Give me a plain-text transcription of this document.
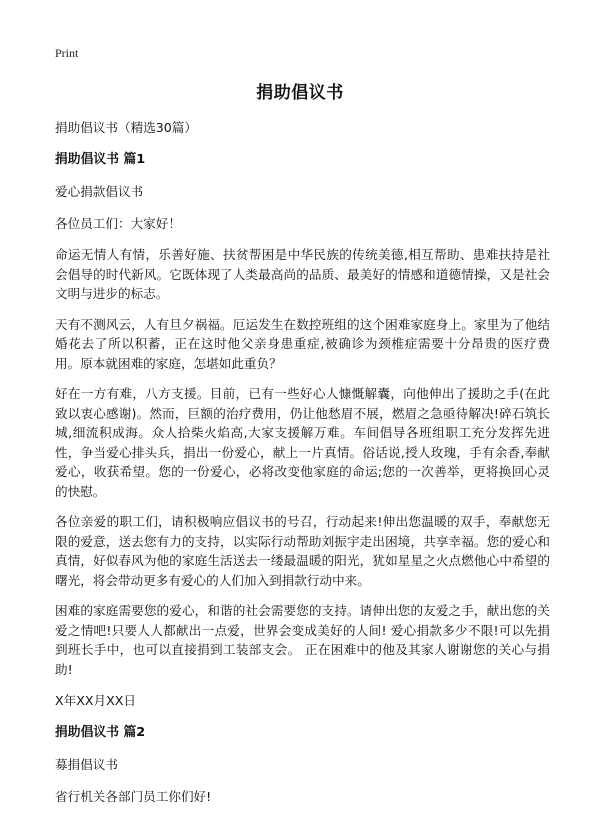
Print
捐助倡议书
捐助倡议书（精选30篇）
捐助倡议书 篇1
爱心捐款倡议书
各位员工们：大家好！
命运无情人有情，乐善好施、扶贫帮困是中华民族的传统美德,相互帮助、患难扶持是社会倡导的时代新风。它既体现了人类最高尚的品质、最美好的情感和道德情操，又是社会文明与进步的标志。
天有不测风云，人有旦夕祸福。厄运发生在数控班组的这个困难家庭身上。家里为了他结婚花去了所以积蓄，正在这时他父亲身患重症,被确诊为颈椎症需要十分昂贵的医疗费用。原本就困难的家庭，怎堪如此重负？
好在一方有难，八方支援。目前，已有一些好心人慷慨解囊，向他伸出了援助之手(在此致以衷心感谢)。然而，巨额的治疗费用，仍让他愁眉不展，燃眉之急亟待解决!碎石筑长城,细流积成海。众人拾柴火焰高,大家支援解万难。车间倡导各班组职工充分发挥先进性，争当爱心排头兵，捐出一份爱心，献上一片真情。俗话说,授人玫瑰，手有余香,奉献爱心，收获希望。您的一份爱心，必将改变他家庭的命运;您的一次善举，更将换回心灵的快慰。
各位亲爱的职工们，请积极响应倡议书的号召，行动起来!伸出您温暖的双手，奉献您无限的爱意，送去您有力的支持，以实际行动帮助刘振宇走出困境，共享幸福。您的爱心和真情，好似春风为他的家庭生活送去一缕最温暖的阳光，犹如星星之火点燃他心中希望的曙光，将会带动更多有爱心的人们加入到捐款行动中来。
困难的家庭需要您的爱心，和谐的社会需要您的支持。请伸出您的友爱之手，献出您的关爱之情吧!只要人人都献出一点爱，世界会变成美好的人间! 爱心捐款多少不限!可以先捐到班长手中，也可以直接捐到工装部支会。 正在困难中的他及其家人谢谢您的关心与捐助!
X年XX月XX日
捐助倡议书 篇2
募捐倡议书
省行机关各部门员工你们好!
